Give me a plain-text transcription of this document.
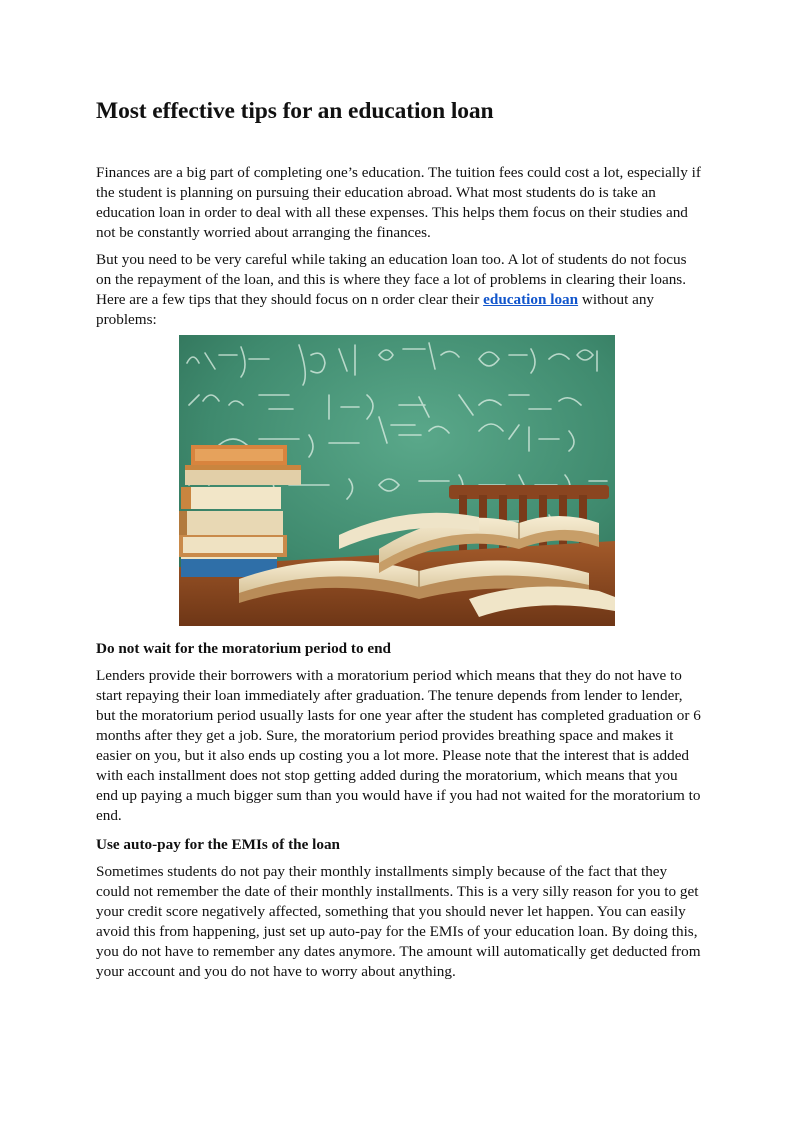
Most effective tips for an education loan

Finances are a big part of completing one’s education. The tuition fees could cost a lot, especially if the student is planning on pursuing their education abroad. What most students do is take an education loan in order to deal with all these expenses. This helps them focus on their studies and not be constantly worried about arranging the finances.

But you need to be very careful while taking an education loan too. A lot of students do not focus on the repayment of the loan, and this is where they face a lot of problems in clearing their loans. Here are a few tips that they should focus on n order clear their education loan without any problems:

Do not wait for the moratorium period to end

Lenders provide their borrowers with a moratorium period which means that they do not have to start repaying their loan immediately after graduation. The tenure depends from lender to lender, but the moratorium period usually lasts for one year after the student has completed graduation or 6 months after they get a job. Sure, the moratorium period provides breathing space and makes it easier on you, but it also ends up costing you a lot more. Please note that the interest that is added with each installment does not stop getting added during the moratorium, which means that you end up paying a much bigger sum than you would have if you had not waited for the moratorium to end.

Use auto-pay for the EMIs of the loan

Sometimes students do not pay their monthly installments simply because of the fact that they could not remember the date of their monthly installments. This is a very silly reason for you to get your credit score negatively affected, something that you should never let happen. You can easily avoid this from happening, just set up auto-pay for the EMIs of your education loan. By doing this, you do not have to remember any dates anymore. The amount will automatically get deducted from your account and you do not have to worry about anything.
